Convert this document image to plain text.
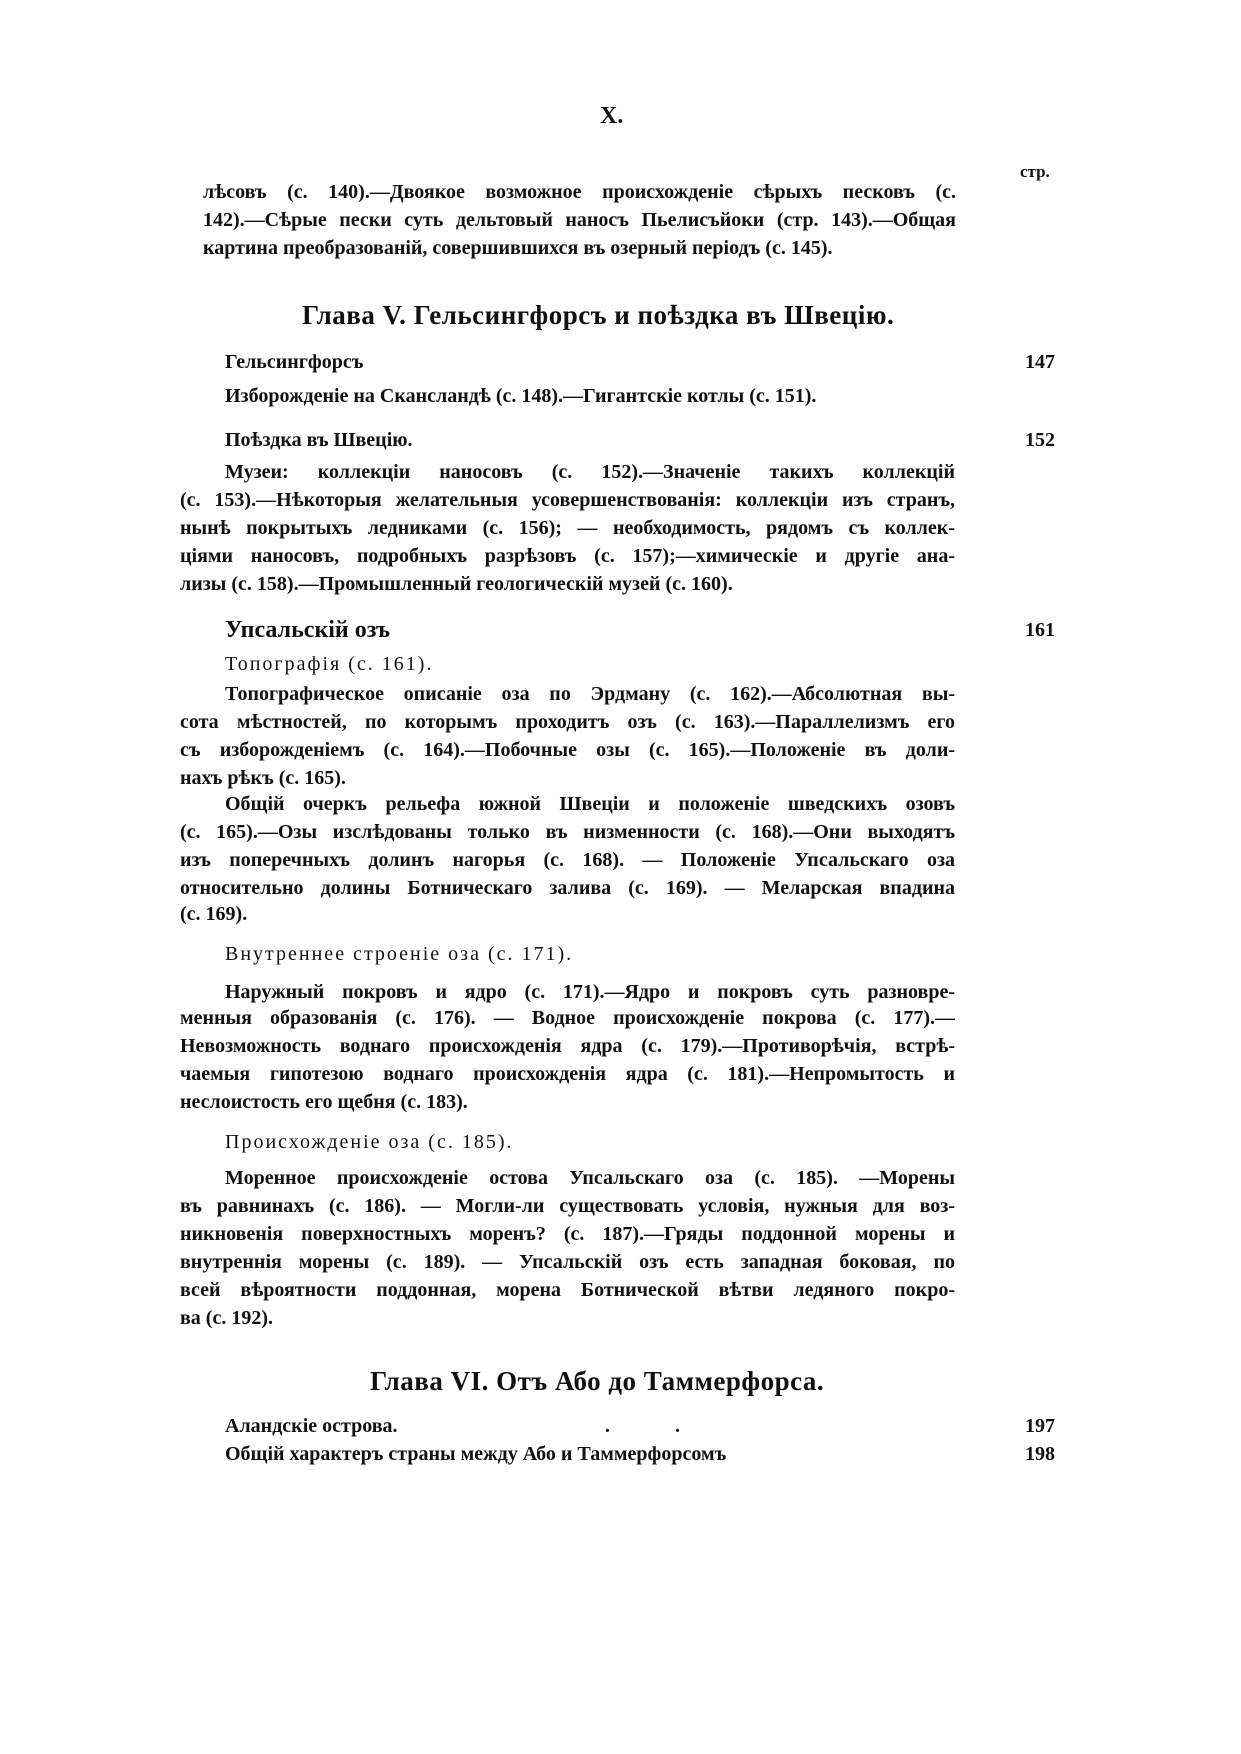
X.
стр.
лѣсовъ (с. 140).—Двоякое возможное происхожденіе сѣрыхъ песковъ (с.
142).—Сѣрые пески суть дельтовый наносъ Пьелисъйоки (стр. 143).—Общая
картина преобразованій, совершившихся въ озерный періодъ (с. 145).
Глава V. Гельсингфорсъ и поѣздка въ Швецію.
Гельсингфорсъ	147
Изборожденіе на Скансландѣ (с. 148).—Гигантскіе котлы (с. 151).
Поѣздка въ Швецію.	152
Музеи: коллекціи наносовъ (с. 152).—Значеніе такихъ коллекцій
(с. 153).—Нѣкоторыя желательныя усовершенствованія: коллекціи изъ странъ,
нынѣ покрытыхъ ледниками (с. 156); — необходимость, рядомъ съ коллек-
ціями наносовъ, подробныхъ разрѣзовъ (с. 157);—химическіе и другіе ана-
лизы (с. 158).—Промышленный геологическій музей (с. 160).
Упсальскій озъ	161
Топографія (с. 161).
Топографическое описаніе оза по Эрдману (с. 162).—Абсолютная вы-
сота мѣстностей, по которымъ проходитъ озъ (с. 163).—Параллелизмъ его
съ изборожденіемъ (с. 164).—Побочные озы (с. 165).—Положеніе въ доли-
нахъ рѣкъ (с. 165).
Общій очеркъ рельефа южной Швеціи и положеніе шведскихъ озовъ
(с. 165).—Озы изслѣдованы только въ низменности (с. 168).—Они выходятъ
изъ поперечныхъ долинъ нагорья (с. 168). — Положеніе Упсальскаго оза
относительно долины Ботническаго залива (с. 169). — Меларская впадина
(с. 169).
Внутреннее строеніе оза (с. 171).
Наружный покровъ и ядро (с. 171).—Ядро и покровъ суть разновре-
менныя образованія (с. 176). — Водное происхожденіе покрова (с. 177).—
Невозможность воднаго происхожденія ядра (с. 179).—Противорѣчія, встрѣ-
чаемыя гипотезою воднаго происхожденія ядра (с. 181).—Непромытость и
неслоистость его щебня (с. 183).
Происхожденіе оза (с. 185).
Моренное происхожденіе остова Упсальскаго оза (с. 185). —Морены
въ равнинахъ (с. 186). — Могли-ли существовать условія, нужныя для воз-
никновенія поверхностныхъ моренъ? (с. 187).—Гряды поддонной морены и
внутреннія морены (с. 189). — Упсальскій озъ есть западная боковая, по
всей вѣроятности поддонная, морена Ботнической вѣтви ледяного покро-
ва (с. 192).
Глава VI. Отъ Або до Таммерфорса.
Аландскіе острова.	. .	197
Общій характеръ страны между Або и Таммерфорсомъ	198
